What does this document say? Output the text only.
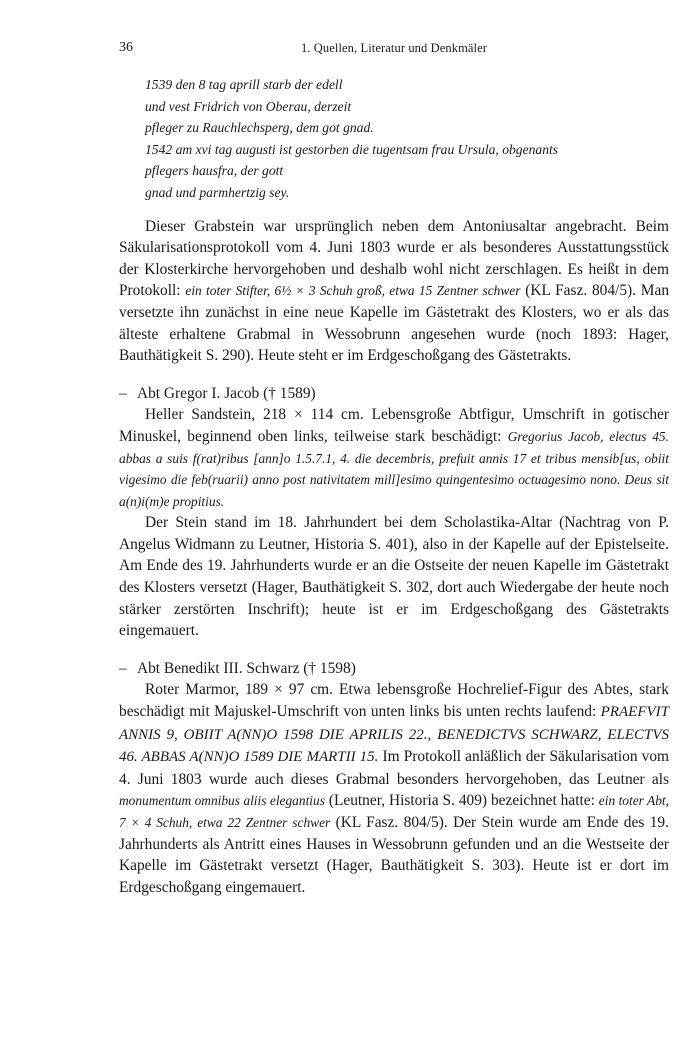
36	1. Quellen, Literatur und Denkmäler
1539 den 8 tag aprill starb der edell
und vest Fridrich von Oberau, derzeit
pfleger zu Rauchlechsperg, dem got gnad.
1542 am xvi tag augusti ist gestorben die tugentsam frau Ursula, obgenants
pflegers hausfra, der gott
gnad und parmhertzig sey.

Dieser Grabstein war ursprünglich neben dem Antoniusaltar angebracht. Beim Säkularisationsprotokoll vom 4. Juni 1803 wurde er als besonderes Ausstattungsstück der Klosterkirche hervorgehoben und deshalb wohl nicht zerschlagen. Es heißt in dem Protokoll: ein toter Stifter, 6½ × 3 Schuh groß, etwa 15 Zentner schwer (KL Fasz. 804/5). Man versetzte ihn zunächst in eine neue Kapelle im Gästetrakt des Klosters, wo er als das älteste erhaltene Grabmal in Wessobrunn angesehen wurde (noch 1893: Hager, Bauthätigkeit S. 290). Heute steht er im Erdgeschoßgang des Gästetrakts.

– Abt Gregor I. Jacob († 1589)

Heller Sandstein, 218 × 114 cm. Lebensgroße Abtfigur, Umschrift in gotischer Minuskel, beginnend oben links, teilweise stark beschädigt: Gregorius Jacob, electus 45. abbas a suis f(rat)ribus [ann]o 1.5.7.1, 4. die decembris, prefuit annis 17 et tribus mensib[us, obiit vigesimo die feb(ruarii) anno post nativitatem mill]esimo quingentesimo octuagesimo nono. Deus sit a(n)i(m)e propitius.

Der Stein stand im 18. Jahrhundert bei dem Scholastika-Altar (Nachtrag von P. Angelus Widmann zu Leutner, Historia S. 401), also in der Kapelle auf der Epistelseite. Am Ende des 19. Jahrhunderts wurde er an die Ostseite der neuen Kapelle im Gästetrakt des Klosters versetzt (Hager, Bauthätigkeit S. 302, dort auch Wiedergabe der heute noch stärker zerstörten Inschrift); heute ist er im Erdgeschoßgang des Gästetrakts eingemauert.

– Abt Benedikt III. Schwarz († 1598)

Roter Marmor, 189 × 97 cm. Etwa lebensgroße Hochrelief-Figur des Abtes, stark beschädigt mit Majuskel-Umschrift von unten links bis unten rechts laufend: PRAEFVIT ANNIS 9, OBIIT A(NN)O 1598 DIE APRILIS 22., BENEDICTVS SCHWARZ, ELECTVS 46. ABBAS A(NN)O 1589 DIE MARTII 15. Im Protokoll anläßlich der Säkularisation vom 4. Juni 1803 wurde auch dieses Grabmal besonders hervorgehoben, das Leutner als monumentum omnibus aliis elegantius (Leutner, Historia S. 409) bezeichnet hatte: ein toter Abt, 7 × 4 Schuh, etwa 22 Zentner schwer (KL Fasz. 804/5). Der Stein wurde am Ende des 19. Jahrhunderts als Antritt eines Hauses in Wessobrunn gefunden und an die Westseite der Kapelle im Gästetrakt versetzt (Hager, Bauthätigkeit S. 303). Heute ist er dort im Erdgeschoßgang eingemauert.
